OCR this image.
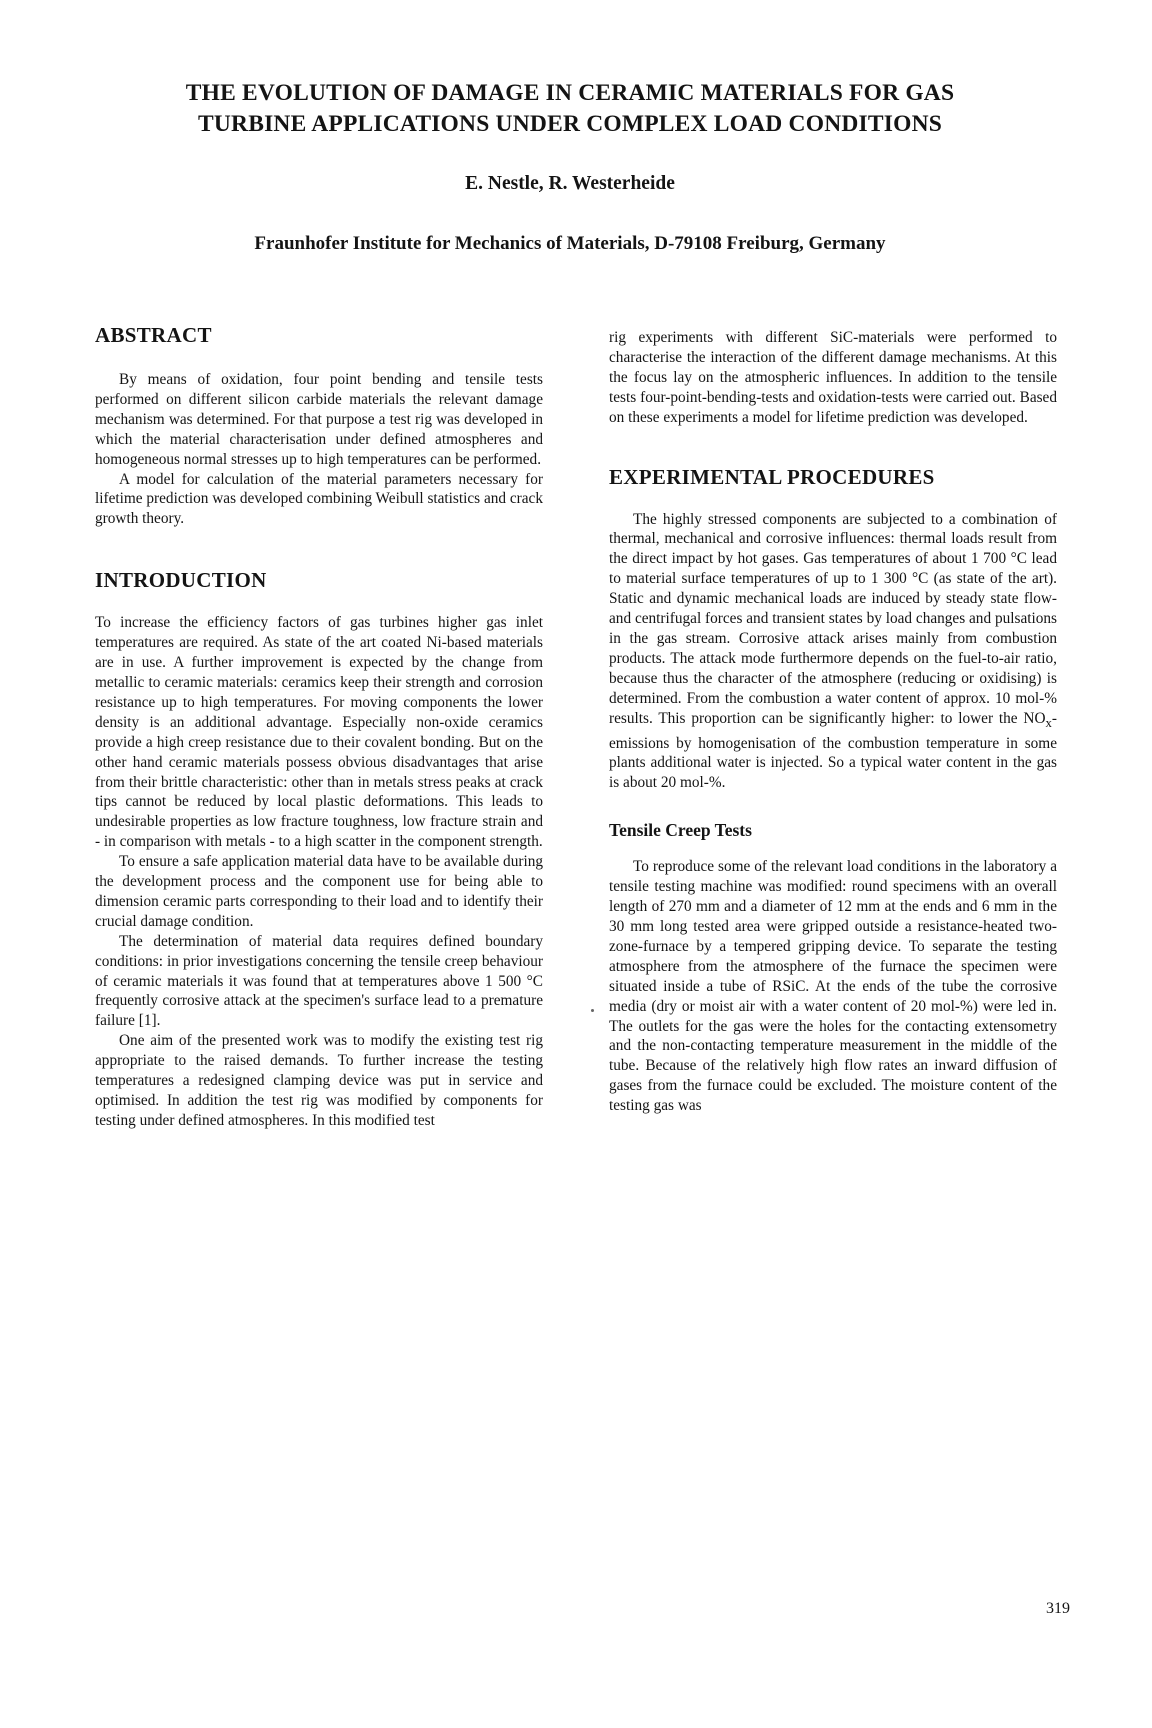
THE EVOLUTION OF DAMAGE IN CERAMIC MATERIALS FOR GAS
TURBINE APPLICATIONS UNDER COMPLEX LOAD CONDITIONS

E. Nestle, R. Westerheide

Fraunhofer Institute for Mechanics of Materials, D-79108 Freiburg, Germany

ABSTRACT

By means of oxidation, four point bending and tensile tests performed on different silicon carbide materials the relevant damage mechanism was determined. For that purpose a test rig was developed in which the material characterisation under defined atmospheres and homogeneous normal stresses up to high temperatures can be performed.

A model for calculation of the material parameters necessary for lifetime prediction was developed combining Weibull statistics and crack growth theory.

INTRODUCTION

To increase the efficiency factors of gas turbines higher gas inlet temperatures are required. As state of the art coated Ni-based materials are in use. A further improvement is expected by the change from metallic to ceramic materials: ceramics keep their strength and corrosion resistance up to high temperatures. For moving components the lower density is an additional advantage. Especially non-oxide ceramics provide a high creep resistance due to their covalent bonding. But on the other hand ceramic materials possess obvious disadvantages that arise from their brittle characteristic: other than in metals stress peaks at crack tips cannot be reduced by local plastic deformations. This leads to undesirable properties as low fracture toughness, low fracture strain and - in comparison with metals - to a high scatter in the component strength.

To ensure a safe application material data have to be available during the development process and the component use for being able to dimension ceramic parts corresponding to their load and to identify their crucial damage condition.

The determination of material data requires defined boundary conditions: in prior investigations concerning the tensile creep behaviour of ceramic materials it was found that at temperatures above 1 500 °C frequently corrosive attack at the specimen's surface lead to a premature failure [1].

One aim of the presented work was to modify the existing test rig appropriate to the raised demands. To further increase the testing temperatures a redesigned clamping device was put in service and optimised. In addition the test rig was modified by components for testing under defined atmospheres. In this modified test

rig experiments with different SiC-materials were performed to characterise the interaction of the different damage mechanisms. At this the focus lay on the atmospheric influences. In addition to the tensile tests four-point-bending-tests and oxidation-tests were carried out. Based on these experiments a model for lifetime prediction was developed.

EXPERIMENTAL PROCEDURES

The highly stressed components are subjected to a combination of thermal, mechanical and corrosive influences: thermal loads result from the direct impact by hot gases. Gas temperatures of about 1 700 °C lead to material surface temperatures of up to 1 300 °C (as state of the art). Static and dynamic mechanical loads are induced by steady state flow- and centrifugal forces and transient states by load changes and pulsations in the gas stream. Corrosive attack arises mainly from combustion products. The attack mode furthermore depends on the fuel-to-air ratio, because thus the character of the atmosphere (reducing or oxidising) is determined. From the combustion a water content of approx. 10 mol-% results. This proportion can be significantly higher: to lower the $NO_x$-emissions by homogenisation of the combustion temperature in some plants additional water is injected. So a typical water content in the gas is about 20 mol-%.

Tensile Creep Tests

To reproduce some of the relevant load conditions in the laboratory a tensile testing machine was modified: round specimens with an overall length of 270 mm and a diameter of 12 mm at the ends and 6 mm in the 30 mm long tested area were gripped outside a resistance-heated two-zone-furnace by a tempered gripping device. To separate the testing atmosphere from the atmosphere of the furnace the specimen were situated inside a tube of RSiC. At the ends of the tube the corrosive media (dry or moist air with a water content of 20 mol-%) were led in. The outlets for the gas were the holes for the contacting extensometry and the non-contacting temperature measurement in the middle of the tube. Because of the relatively high flow rates an inward diffusion of gases from the furnace could be excluded. The moisture content of the testing gas was

319
